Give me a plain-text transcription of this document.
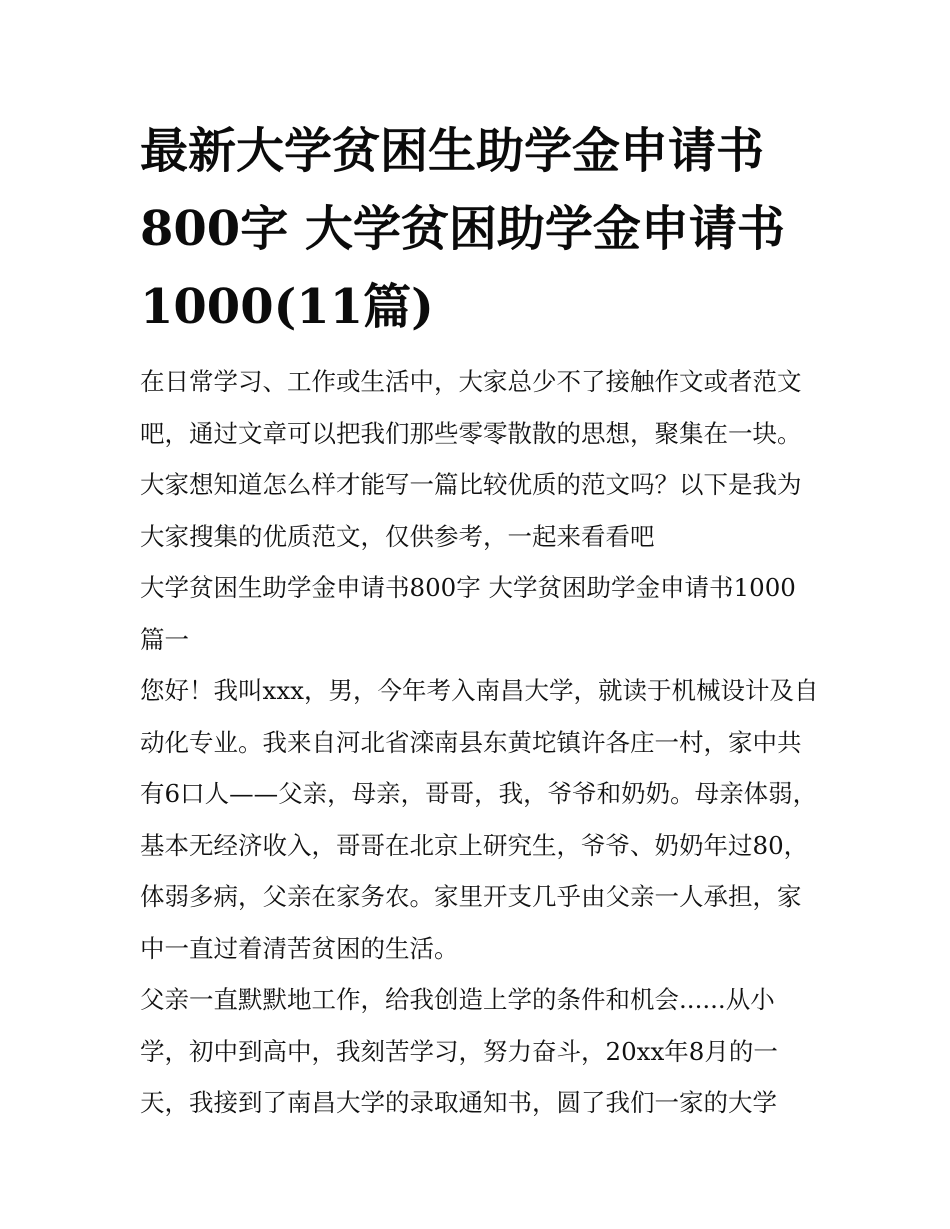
最新大学贫困生助学金申请书800字 大学贫困助学金申请书1000(11篇)

在日常学习、工作或生活中，大家总少不了接触作文或者范文吧，通过文章可以把我们那些零零散散的思想，聚集在一块。大家想知道怎么样才能写一篇比较优质的范文吗？以下是我为大家搜集的优质范文，仅供参考，一起来看看吧

大学贫困生助学金申请书800字 大学贫困助学金申请书1000篇一

您好！我叫xxx，男，今年考入南昌大学，就读于机械设计及自动化专业。我来自河北省滦南县东黄坨镇许各庄一村，家中共有6口人——父亲，母亲，哥哥，我，爷爷和奶奶。母亲体弱，基本无经济收入，哥哥在北京上研究生，爷爷、奶奶年过80，体弱多病，父亲在家务农。家里开支几乎由父亲一人承担，家中一直过着清苦贫困的生活。

父亲一直默默地工作，给我创造上学的条件和机会......从小学，初中到高中，我刻苦学习，努力奋斗，20xx年8月的一天，我接到了南昌大学的录取通知书，圆了我们一家的大学
